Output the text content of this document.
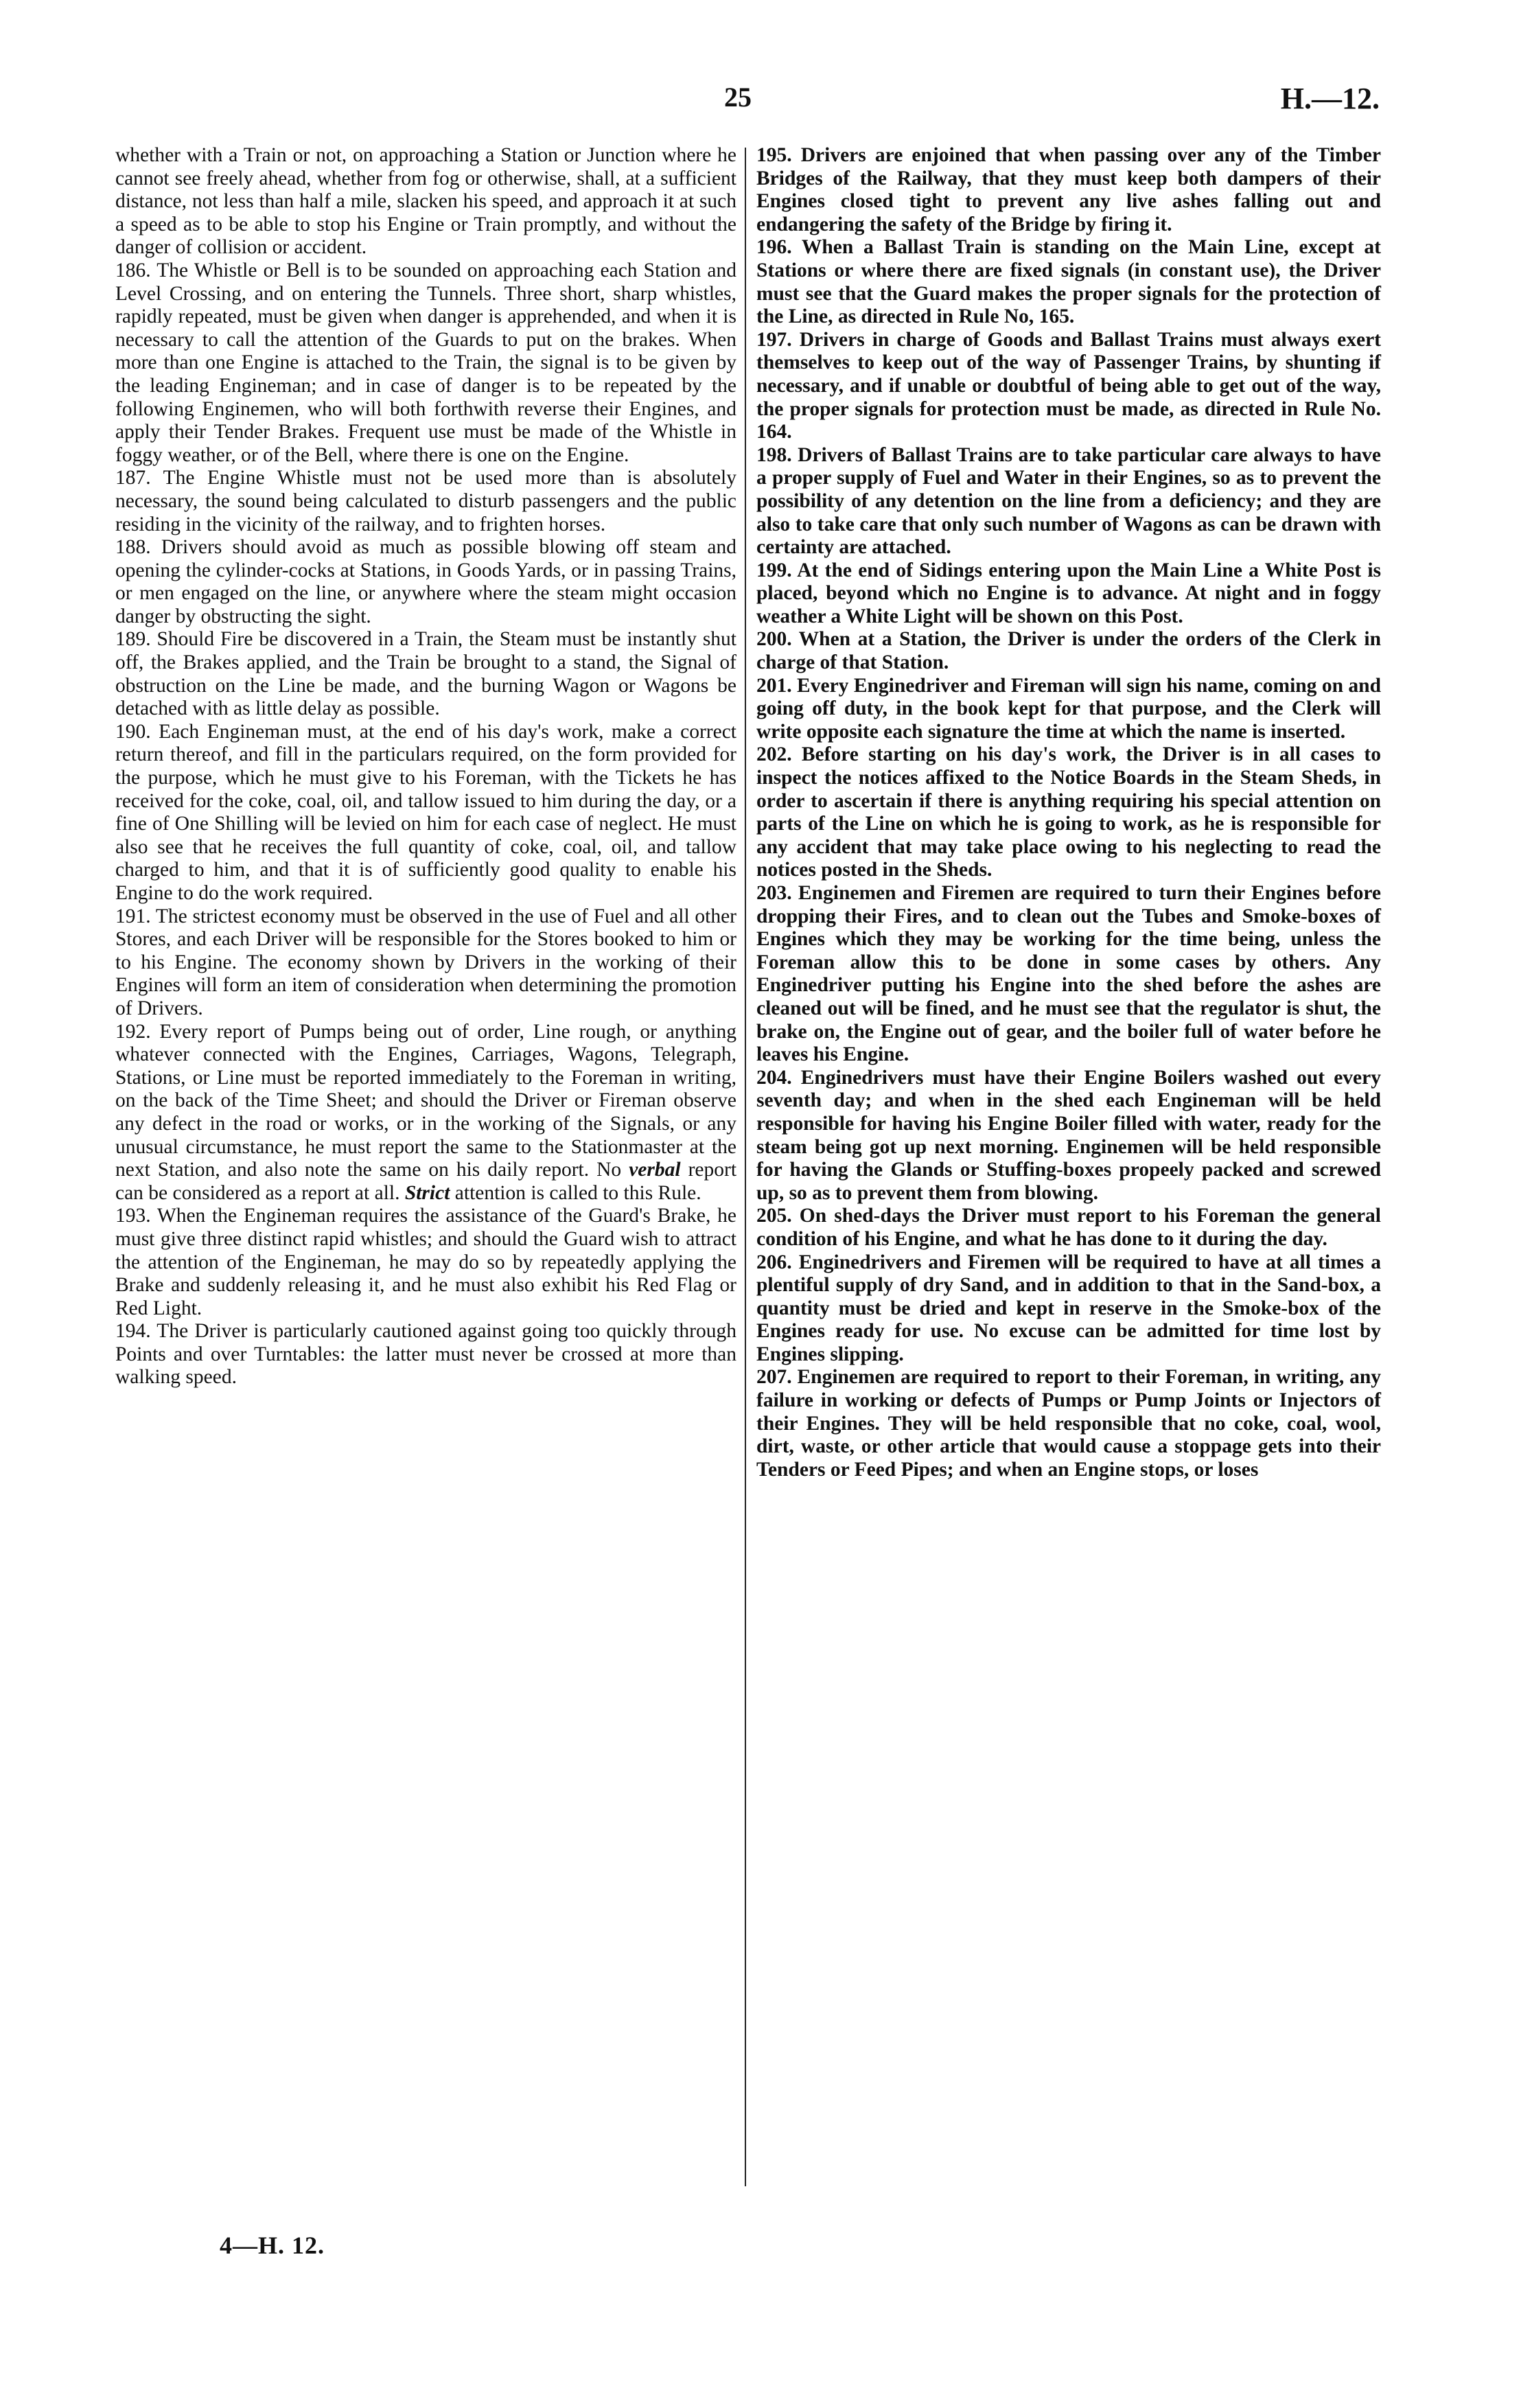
25	H.—12.

whether with a Train or not, on approaching a Station or Junction where he cannot see freely ahead, whether from fog or otherwise, shall, at a sufficient distance, not less than half a mile, slacken his speed, and approach it at such a speed as to be able to stop his Engine or Train promptly, and without the danger of collision or accident.

186. The Whistle or Bell is to be sounded on approaching each Station and Level Crossing, and on entering the Tunnels. Three short, sharp whistles, rapidly repeated, must be given when danger is apprehended, and when it is necessary to call the attention of the Guards to put on the brakes. When more than one Engine is attached to the Train, the signal is to be given by the leading Engineman; and in case of danger is to be repeated by the following Enginemen, who will both forthwith reverse their Engines, and apply their Tender Brakes. Frequent use must be made of the Whistle in foggy weather, or of the Bell, where there is one on the Engine.

187. The Engine Whistle must not be used more than is absolutely necessary, the sound being calculated to disturb passengers and the public residing in the vicinity of the railway, and to frighten horses.

188. Drivers should avoid as much as possible blowing off steam and opening the cylinder-cocks at Stations, in Goods Yards, or in passing Trains, or men engaged on the line, or anywhere where the steam might occasion danger by obstructing the sight.

189. Should Fire be discovered in a Train, the Steam must be instantly shut off, the Brakes applied, and the Train be brought to a stand, the Signal of obstruction on the Line be made, and the burning Wagon or Wagons be detached with as little delay as possible.

190. Each Engineman must, at the end of his day's work, make a correct return thereof, and fill in the particulars required, on the form provided for the purpose, which he must give to his Foreman, with the Tickets he has received for the coke, coal, oil, and tallow issued to him during the day, or a fine of One Shilling will be levied on him for each case of neglect. He must also see that he receives the full quantity of coke, coal, oil, and tallow charged to him, and that it is of sufficiently good quality to enable his Engine to do the work required.

191. The strictest economy must be observed in the use of Fuel and all other Stores, and each Driver will be responsible for the Stores booked to him or to his Engine. The economy shown by Drivers in the working of their Engines will form an item of consideration when determining the promotion of Drivers.

192. Every report of Pumps being out of order, Line rough, or anything whatever connected with the Engines, Carriages, Wagons, Telegraph, Stations, or Line must be reported immediately to the Foreman in writing, on the back of the Time Sheet; and should the Driver or Fireman observe any defect in the road or works, or in the working of the Signals, or any unusual circumstance, he must report the same to the Stationmaster at the next Station, and also note the same on his daily report. No verbal report can be considered as a report at all. Strict attention is called to this Rule.

193. When the Engineman requires the assistance of the Guard's Brake, he must give three distinct rapid whistles; and should the Guard wish to attract the attention of the Engineman, he may do so by repeatedly applying the Brake and suddenly releasing it, and he must also exhibit his Red Flag or Red Light.

194. The Driver is particularly cautioned against going too quickly through Points and over Turntables: the latter must never be crossed at more than walking speed.

195. Drivers are enjoined that when passing over any of the Timber Bridges of the Railway, that they must keep both dampers of their Engines closed tight to prevent any live ashes falling out and endangering the safety of the Bridge by firing it.

196. When a Ballast Train is standing on the Main Line, except at Stations or where there are fixed signals (in constant use), the Driver must see that the Guard makes the proper signals for the protection of the Line, as directed in Rule No, 165.

197. Drivers in charge of Goods and Ballast Trains must always exert themselves to keep out of the way of Passenger Trains, by shunting if necessary, and if unable or doubtful of being able to get out of the way, the proper signals for protection must be made, as directed in Rule No. 164.

198. Drivers of Ballast Trains are to take particular care always to have a proper supply of Fuel and Water in their Engines, so as to prevent the possibility of any detention on the line from a deficiency; and they are also to take care that only such number of Wagons as can be drawn with certainty are attached.

199. At the end of Sidings entering upon the Main Line a White Post is placed, beyond which no Engine is to advance. At night and in foggy weather a White Light will be shown on this Post.

200. When at a Station, the Driver is under the orders of the Clerk in charge of that Station.

201. Every Enginedriver and Fireman will sign his name, coming on and going off duty, in the book kept for that purpose, and the Clerk will write opposite each signature the time at which the name is inserted.

202. Before starting on his day's work, the Driver is in all cases to inspect the notices affixed to the Notice Boards in the Steam Sheds, in order to ascertain if there is anything requiring his special attention on parts of the Line on which he is going to work, as he is responsible for any accident that may take place owing to his neglecting to read the notices posted in the Sheds.

203. Enginemen and Firemen are required to turn their Engines before dropping their Fires, and to clean out the Tubes and Smoke-boxes of Engines which they may be working for the time being, unless the Foreman allow this to be done in some cases by others. Any Enginedriver putting his Engine into the shed before the ashes are cleaned out will be fined, and he must see that the regulator is shut, the brake on, the Engine out of gear, and the boiler full of water before he leaves his Engine.

204. Enginedrivers must have their Engine Boilers washed out every seventh day; and when in the shed each Engineman will be held responsible for having his Engine Boiler filled with water, ready for the steam being got up next morning. Enginemen will be held responsible for having the Glands or Stuffing-boxes propeely packed and screwed up, so as to prevent them from blowing.

205. On shed-days the Driver must report to his Foreman the general condition of his Engine, and what he has done to it during the day.

206. Enginedrivers and Firemen will be required to have at all times a plentiful supply of dry Sand, and in addition to that in the Sand-box, a quantity must be dried and kept in reserve in the Smoke-box of the Engines ready for use. No excuse can be admitted for time lost by Engines slipping.

207. Enginemen are required to report to their Foreman, in writing, any failure in working or defects of Pumps or Pump Joints or Injectors of their Engines. They will be held responsible that no coke, coal, wool, dirt, waste, or other article that would cause a stoppage gets into their Tenders or Feed Pipes; and when an Engine stops, or loses

4—H. 12.
